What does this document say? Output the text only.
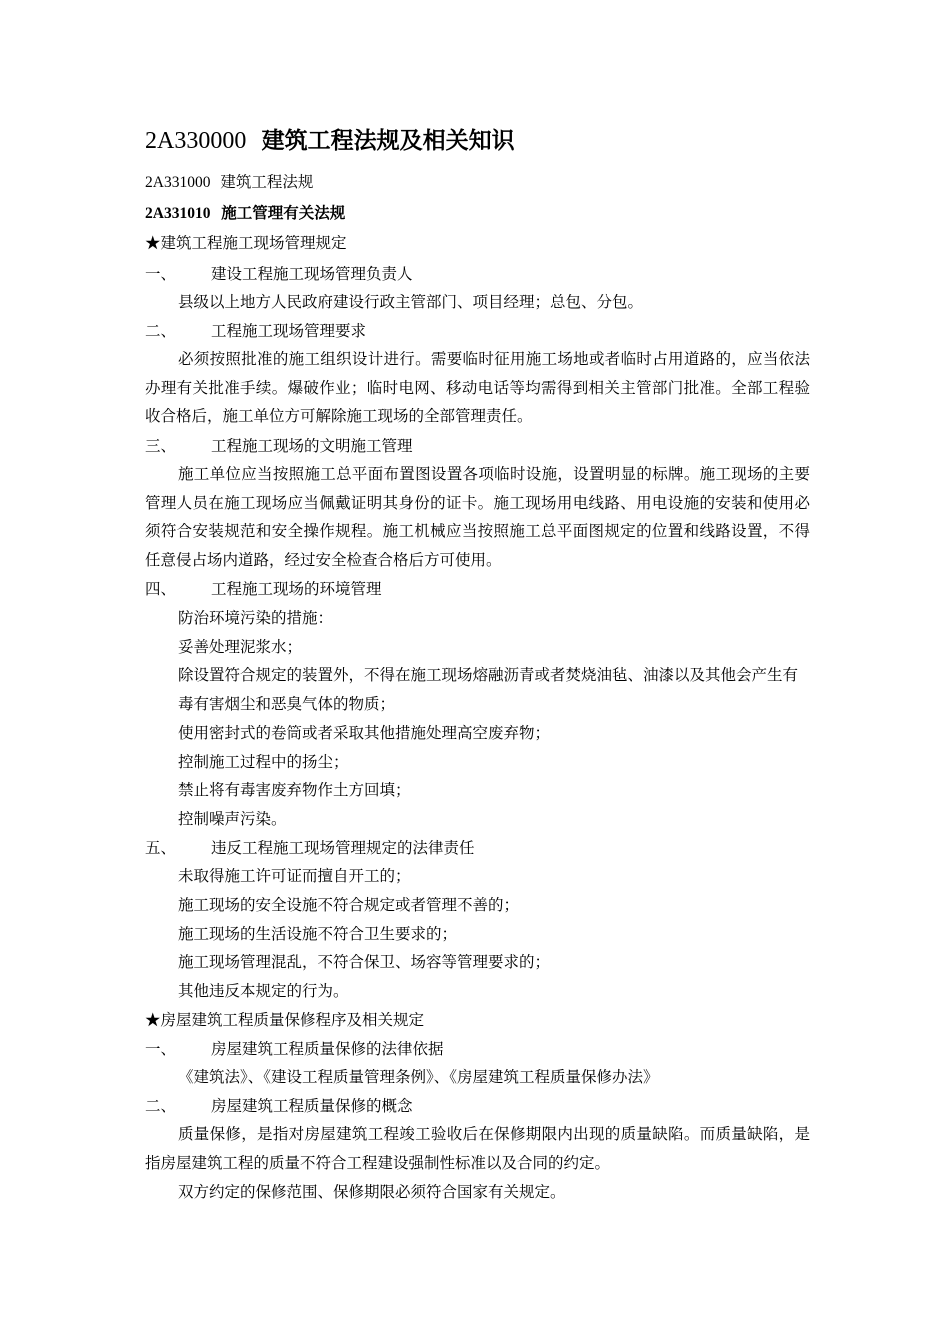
2A330000 建筑工程法规及相关知识
2A331000 建筑工程法规
2A331010 施工管理有关法规
★建筑工程施工现场管理规定
一、 建设工程施工现场管理负责人
县级以上地方人民政府建设行政主管部门、项目经理；总包、分包。
二、 工程施工现场管理要求
必须按照批准的施工组织设计进行。需要临时征用施工场地或者临时占用道路的，应当依法办理有关批准手续。爆破作业；临时电网、移动电话等均需得到相关主管部门批准。全部工程验收合格后，施工单位方可解除施工现场的全部管理责任。
三、 工程施工现场的文明施工管理
施工单位应当按照施工总平面布置图设置各项临时设施，设置明显的标牌。施工现场的主要管理人员在施工现场应当佩戴证明其身份的证卡。施工现场用电线路、用电设施的安装和使用必须符合安装规范和安全操作规程。施工机械应当按照施工总平面图规定的位置和线路设置，不得任意侵占场内道路，经过安全检查合格后方可使用。
四、 工程施工现场的环境管理
防治环境污染的措施：
妥善处理泥浆水；
除设置符合规定的装置外，不得在施工现场熔融沥青或者焚烧油毡、油漆以及其他会产生有毒有害烟尘和恶臭气体的物质；
使用密封式的卷筒或者采取其他措施处理高空废弃物；
控制施工过程中的扬尘；
禁止将有毒害废弃物作土方回填；
控制噪声污染。
五、 违反工程施工现场管理规定的法律责任
未取得施工许可证而擅自开工的；
施工现场的安全设施不符合规定或者管理不善的；
施工现场的生活设施不符合卫生要求的；
施工现场管理混乱，不符合保卫、场容等管理要求的；
其他违反本规定的行为。
★房屋建筑工程质量保修程序及相关规定
一、 房屋建筑工程质量保修的法律依据
《建筑法》、《建设工程质量管理条例》、《房屋建筑工程质量保修办法》
二、 房屋建筑工程质量保修的概念
质量保修，是指对房屋建筑工程竣工验收后在保修期限内出现的质量缺陷。而质量缺陷，是指房屋建筑工程的质量不符合工程建设强制性标准以及合同的约定。
双方约定的保修范围、保修期限必须符合国家有关规定。
